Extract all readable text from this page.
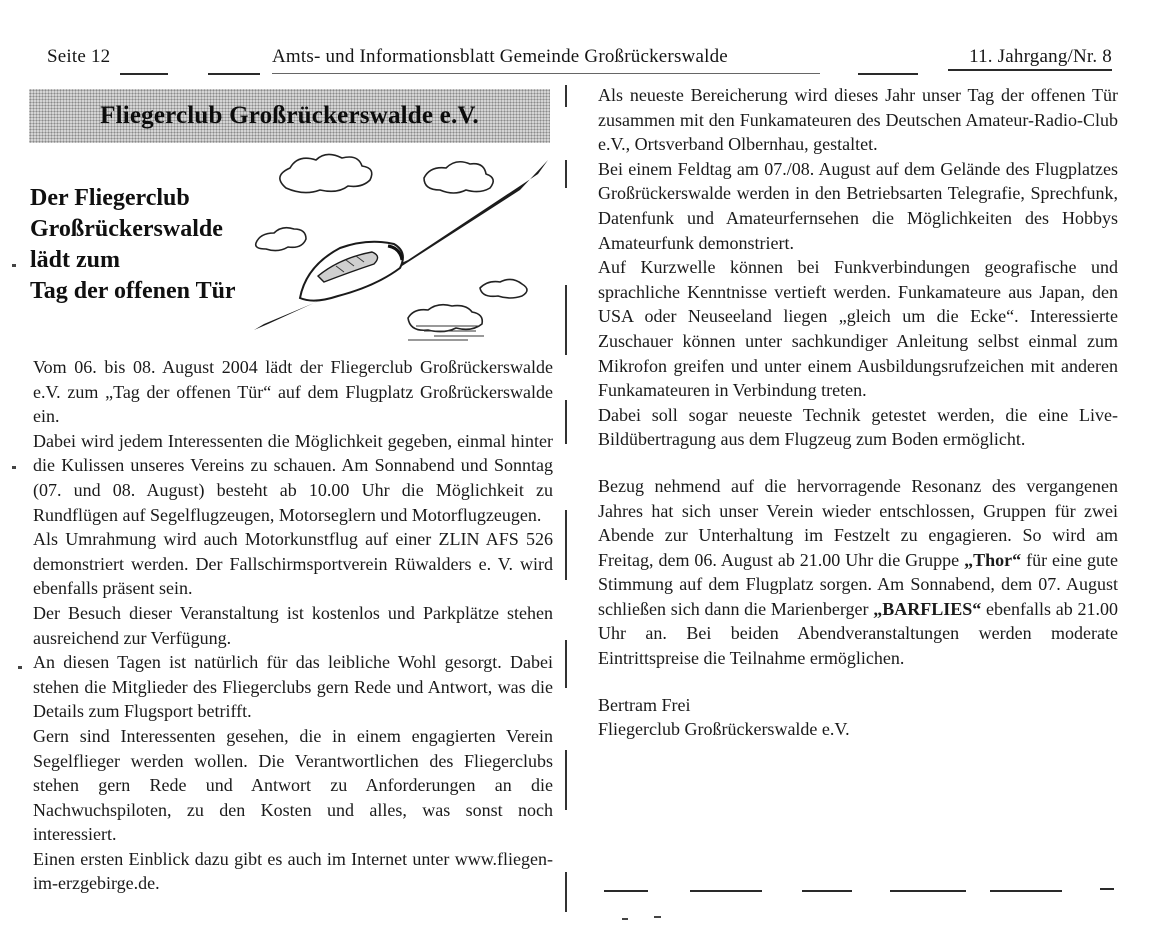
Seite 12	Amts- und Informationsblatt Gemeinde Großrückerswalde	11. Jahrgang/Nr. 8
Fliegerclub Großrückerswalde e.V.
Der Fliegerclub
Großrückerswalde
lädt zum
Tag der offenen Tür

Vom 06. bis 08. August 2004 lädt der Fliegerclub Großrückerswalde e.V. zum „Tag der offenen Tür“ auf dem Flugplatz Großrückerswalde ein.

Dabei wird jedem Interessenten die Möglichkeit gegeben, einmal hinter die Kulissen unseres Vereins zu schauen. Am Sonnabend und Sonntag (07. und 08. August) besteht ab 10.00 Uhr die Möglichkeit zu Rundflügen auf Segelflugzeugen, Motorseglern und Motorflugzeugen.

Als Umrahmung wird auch Motorkunstflug auf einer ZLIN AFS 526 demonstriert werden. Der Fallschirmsportverein Rüwalders e. V. wird ebenfalls präsent sein.

Der Besuch dieser Veranstaltung ist kostenlos und Parkplätze stehen ausreichend zur Verfügung.

An diesen Tagen ist natürlich für das leibliche Wohl gesorgt. Dabei stehen die Mitglieder des Fliegerclubs gern Rede und Antwort, was die Details zum Flugsport betrifft.

Gern sind Interessenten gesehen, die in einem engagierten Verein Segelflieger werden wollen. Die Verantwortlichen des Fliegerclubs stehen gern Rede und Antwort zu Anforderungen an die Nachwuchspiloten, zu den Kosten und alles, was sonst noch interessiert.

Einen ersten Einblick dazu gibt es auch im Internet unter www.fliegen-im-erzgebirge.de.

Als neueste Bereicherung wird dieses Jahr unser Tag der offenen Tür zusammen mit den Funkamateuren des Deutschen Amateur-Radio-Club e.V., Ortsverband Olbernhau, gestaltet.

Bei einem Feldtag am 07./08. August auf dem Gelände des Flugplatzes Großrückerswalde werden in den Betriebsarten Telegrafie, Sprechfunk, Datenfunk und Amateurfernsehen die Möglichkeiten des Hobbys Amateurfunk demonstriert.

Auf Kurzwelle können bei Funkverbindungen geografische und sprachliche Kenntnisse vertieft werden. Funkamateure aus Japan, den USA oder Neuseeland liegen „gleich um die Ecke“. Interessierte Zuschauer können unter sachkundiger Anleitung selbst einmal zum Mikrofon greifen und unter einem Ausbildungsrufzeichen mit anderen Funkamateuren in Verbindung treten.

Dabei soll sogar neueste Technik getestet werden, die eine Live-Bildübertragung aus dem Flugzeug zum Boden ermöglicht.

Bezug nehmend auf die hervorragende Resonanz des vergangenen Jahres hat sich unser Verein wieder entschlossen, Gruppen für zwei Abende zur Unterhaltung im Festzelt zu engagieren. So wird am Freitag, dem 06. August ab 21.00 Uhr die Gruppe „Thor“ für eine gute Stimmung auf dem Flugplatz sorgen. Am Sonnabend, dem 07. August schließen sich dann die Marienberger „BARFLIES“ ebenfalls ab 21.00 Uhr an. Bei beiden Abendveranstaltungen werden moderate Eintrittspreise die Teilnahme ermöglichen.

Bertram Frei
Fliegerclub Großrückerswalde e.V.
